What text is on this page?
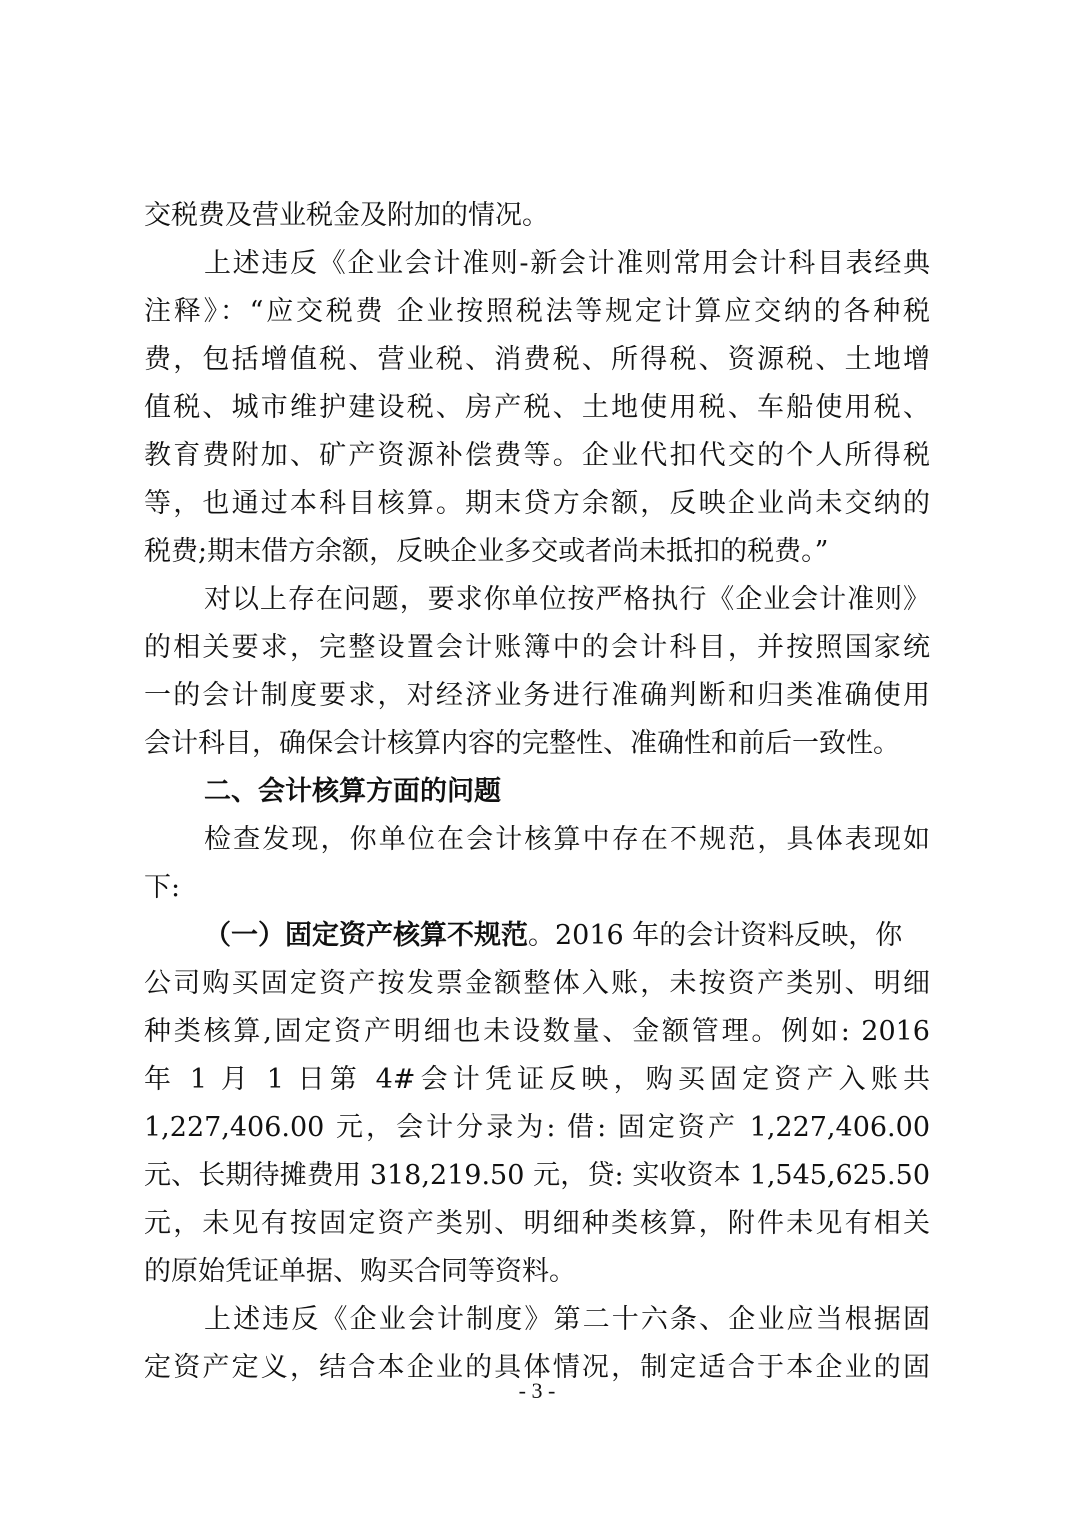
交税费及营业税金及附加的情况。
上述违反《企业会计准则-新会计准则常用会计科目表经典
注释》：“应交税费 企业按照税法等规定计算应交纳的各种税
费，包括增值税、营业税、消费税、所得税、资源税、土地增
值税、城市维护建设税、房产税、土地使用税、车船使用税、
教育费附加、矿产资源补偿费等。企业代扣代交的个人所得税
等，也通过本科目核算。期末贷方余额，反映企业尚未交纳的
税费;期末借方余额，反映企业多交或者尚未抵扣的税费。”
对以上存在问题，要求你单位按严格执行《企业会计准则》
的相关要求，完整设置会计账簿中的会计科目，并按照国家统
一的会计制度要求，对经济业务进行准确判断和归类准确使用
会计科目，确保会计核算内容的完整性、准确性和前后一致性。
二、会计核算方面的问题
检查发现，你单位在会计核算中存在不规范，具体表现如
下:
（一）固定资产核算不规范。2016 年的会计资料反映，你
公司购买固定资产按发票金额整体入账，未按资产类别、明细
种类核算,固定资产明细也未设数量、金额管理。例如: 2016
年 1 月 1 日第 4#会计凭证反映，购买固定资产入账共
1,227,406.00 元，会计分录为: 借: 固定资产 1,227,406.00
元、长期待摊费用 318,219.50 元，贷: 实收资本 1,545,625.50
元，未见有按固定资产类别、明细种类核算，附件未见有相关
的原始凭证单据、购买合同等资料。
上述违反《企业会计制度》第二十六条、企业应当根据固
定资产定义，结合本企业的具体情况，制定适合于本企业的固
- 3 -
